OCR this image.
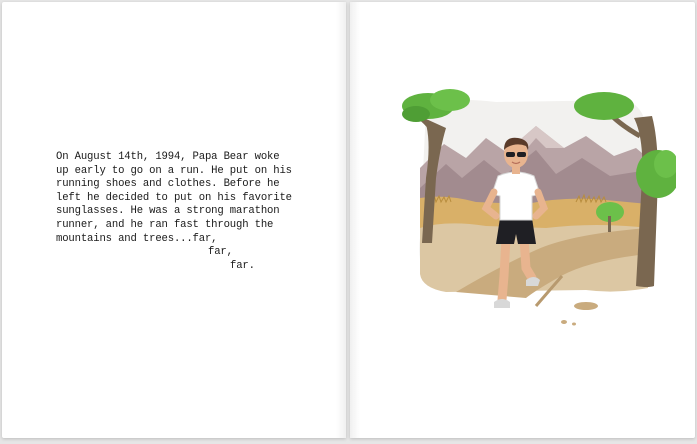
On August 14th, 1994, Papa Bear woke
up early to go on a run. He put on his
running shoes and clothes. Before he
left he decided to put on his favorite
sunglasses. He was a strong marathon
runner, and he ran fast through the
mountains and trees...far,
far,
far.
